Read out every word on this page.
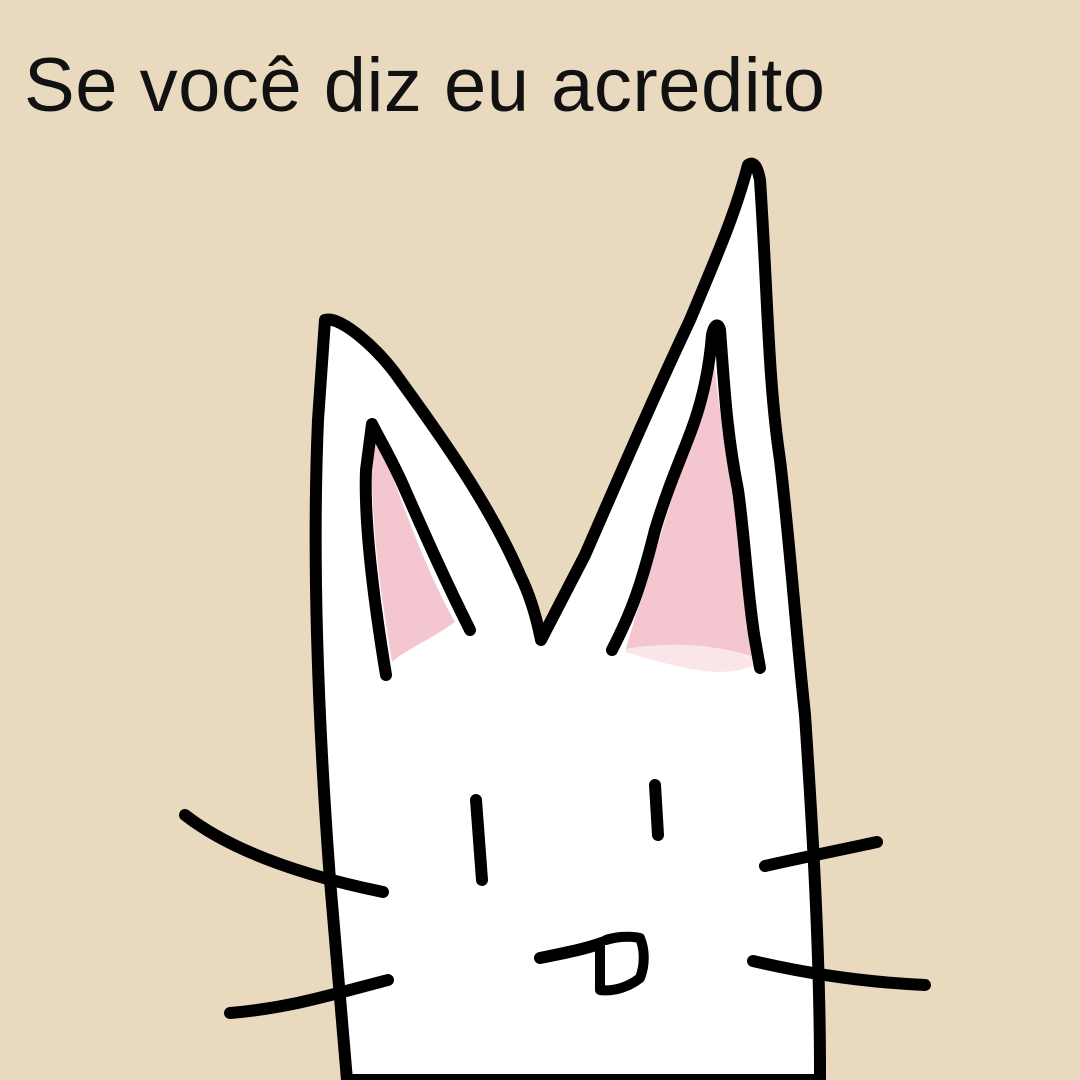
Se você diz eu acredito
